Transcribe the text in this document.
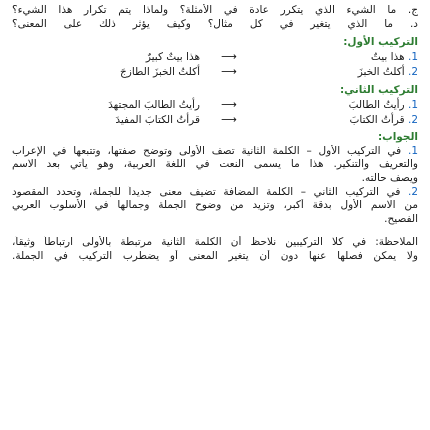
ج. ما الشيء الذي يتكرر عادة في الأمثلة؟ ولماذا يتم تكرار هذا الشيء؟
د. ما الذي يتغير في كل مثال؟ وكيف يؤثر ذلك على المعنى؟
التركيب الأول:
1. هذا بيتٌ
⟶
هذا بيتٌ كبيرٌ
2. أكلتُ الخبزَ
⟶
أكلتُ الخبزَ الطازجَ
التركيب الثاني:
1. رأيتُ الطالبَ
⟶
رأيتُ الطالبَ المجتهدَ
2. قرأتُ الكتابَ
⟶
قرأتُ الكتابَ المفيدَ
الجواب:
1. في التركيب الأول – الكلمة الثانية تصف الأولى وتوضح صفتها، وتتبعها في الإعراب
والتعريف والتنكير. هذا ما يسمى النعت في اللغة العربية، وهو يأتي بعد الاسم
ويصف حالته.
2. في التركيب الثاني – الكلمة المضافة تضيف معنى جديداً للجملة، وتحدد المقصود
من الاسم الأول بدقة أكبر، وتزيد من وضوح الجملة وجمالها في الأسلوب العربي
الفصيح.
الملاحظة: في كلا التركيبين نلاحظ أن الكلمة الثانية مرتبطة بالأولى ارتباطاً وثيقاً،
ولا يمكن فصلها عنها دون أن يتغير المعنى أو يضطرب التركيب في الجملة.
